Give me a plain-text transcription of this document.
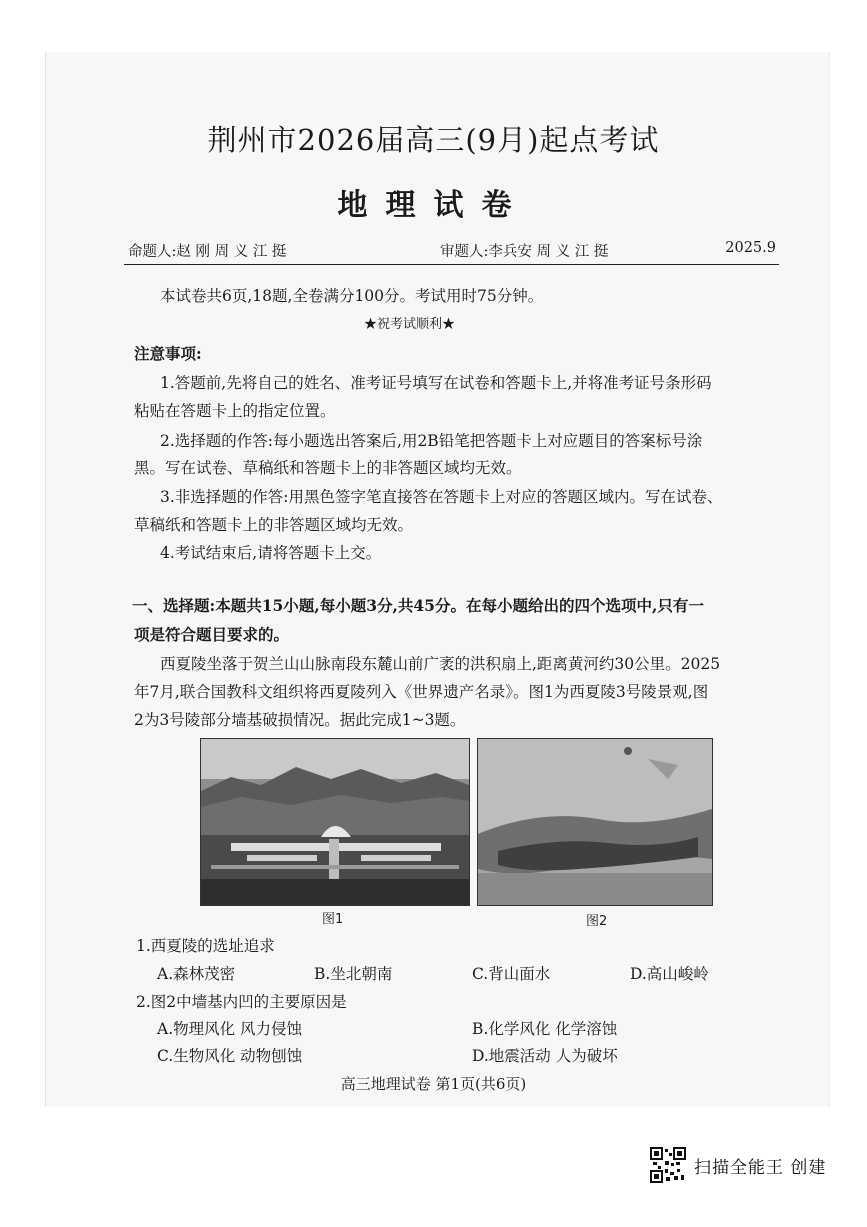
荆州市2026届高三(9月)起点考试
地理试卷
命题人:赵 刚 周 义 江 挺	审题人:李兵安 周 义 江 挺	2025.9
本试卷共6页,18题,全卷满分100分。考试用时75分钟。
★祝考试顺利★
注意事项:
1.答题前,先将自己的姓名、准考证号填写在试卷和答题卡上,并将准考证号条形码
粘贴在答题卡上的指定位置。
2.选择题的作答:每小题选出答案后,用2B铅笔把答题卡上对应题目的答案标号涂
黑。写在试卷、草稿纸和答题卡上的非答题区域均无效。
3.非选择题的作答:用黑色签字笔直接答在答题卡上对应的答题区域内。写在试卷、
草稿纸和答题卡上的非答题区域均无效。
4.考试结束后,请将答题卡上交。
一、选择题:本题共15小题,每小题3分,共45分。在每小题给出的四个选项中,只有一
项是符合题目要求的。
西夏陵坐落于贺兰山山脉南段东麓山前广袤的洪积扇上,距离黄河约30公里。2025
年7月,联合国教科文组织将西夏陵列入《世界遗产名录》。图1为西夏陵3号陵景观,图
2为3号陵部分墙基破损情况。据此完成1~3题。
图1	图2
1.西夏陵的选址追求
A.森林茂密	B.坐北朝南	C.背山面水	D.高山峻岭
2.图2中墙基内凹的主要原因是
A.物理风化 风力侵蚀	B.化学风化 化学溶蚀
C.生物风化 动物刨蚀	D.地震活动 人为破坏
高三地理试卷 第1页(共6页)
扫描全能王 创建
